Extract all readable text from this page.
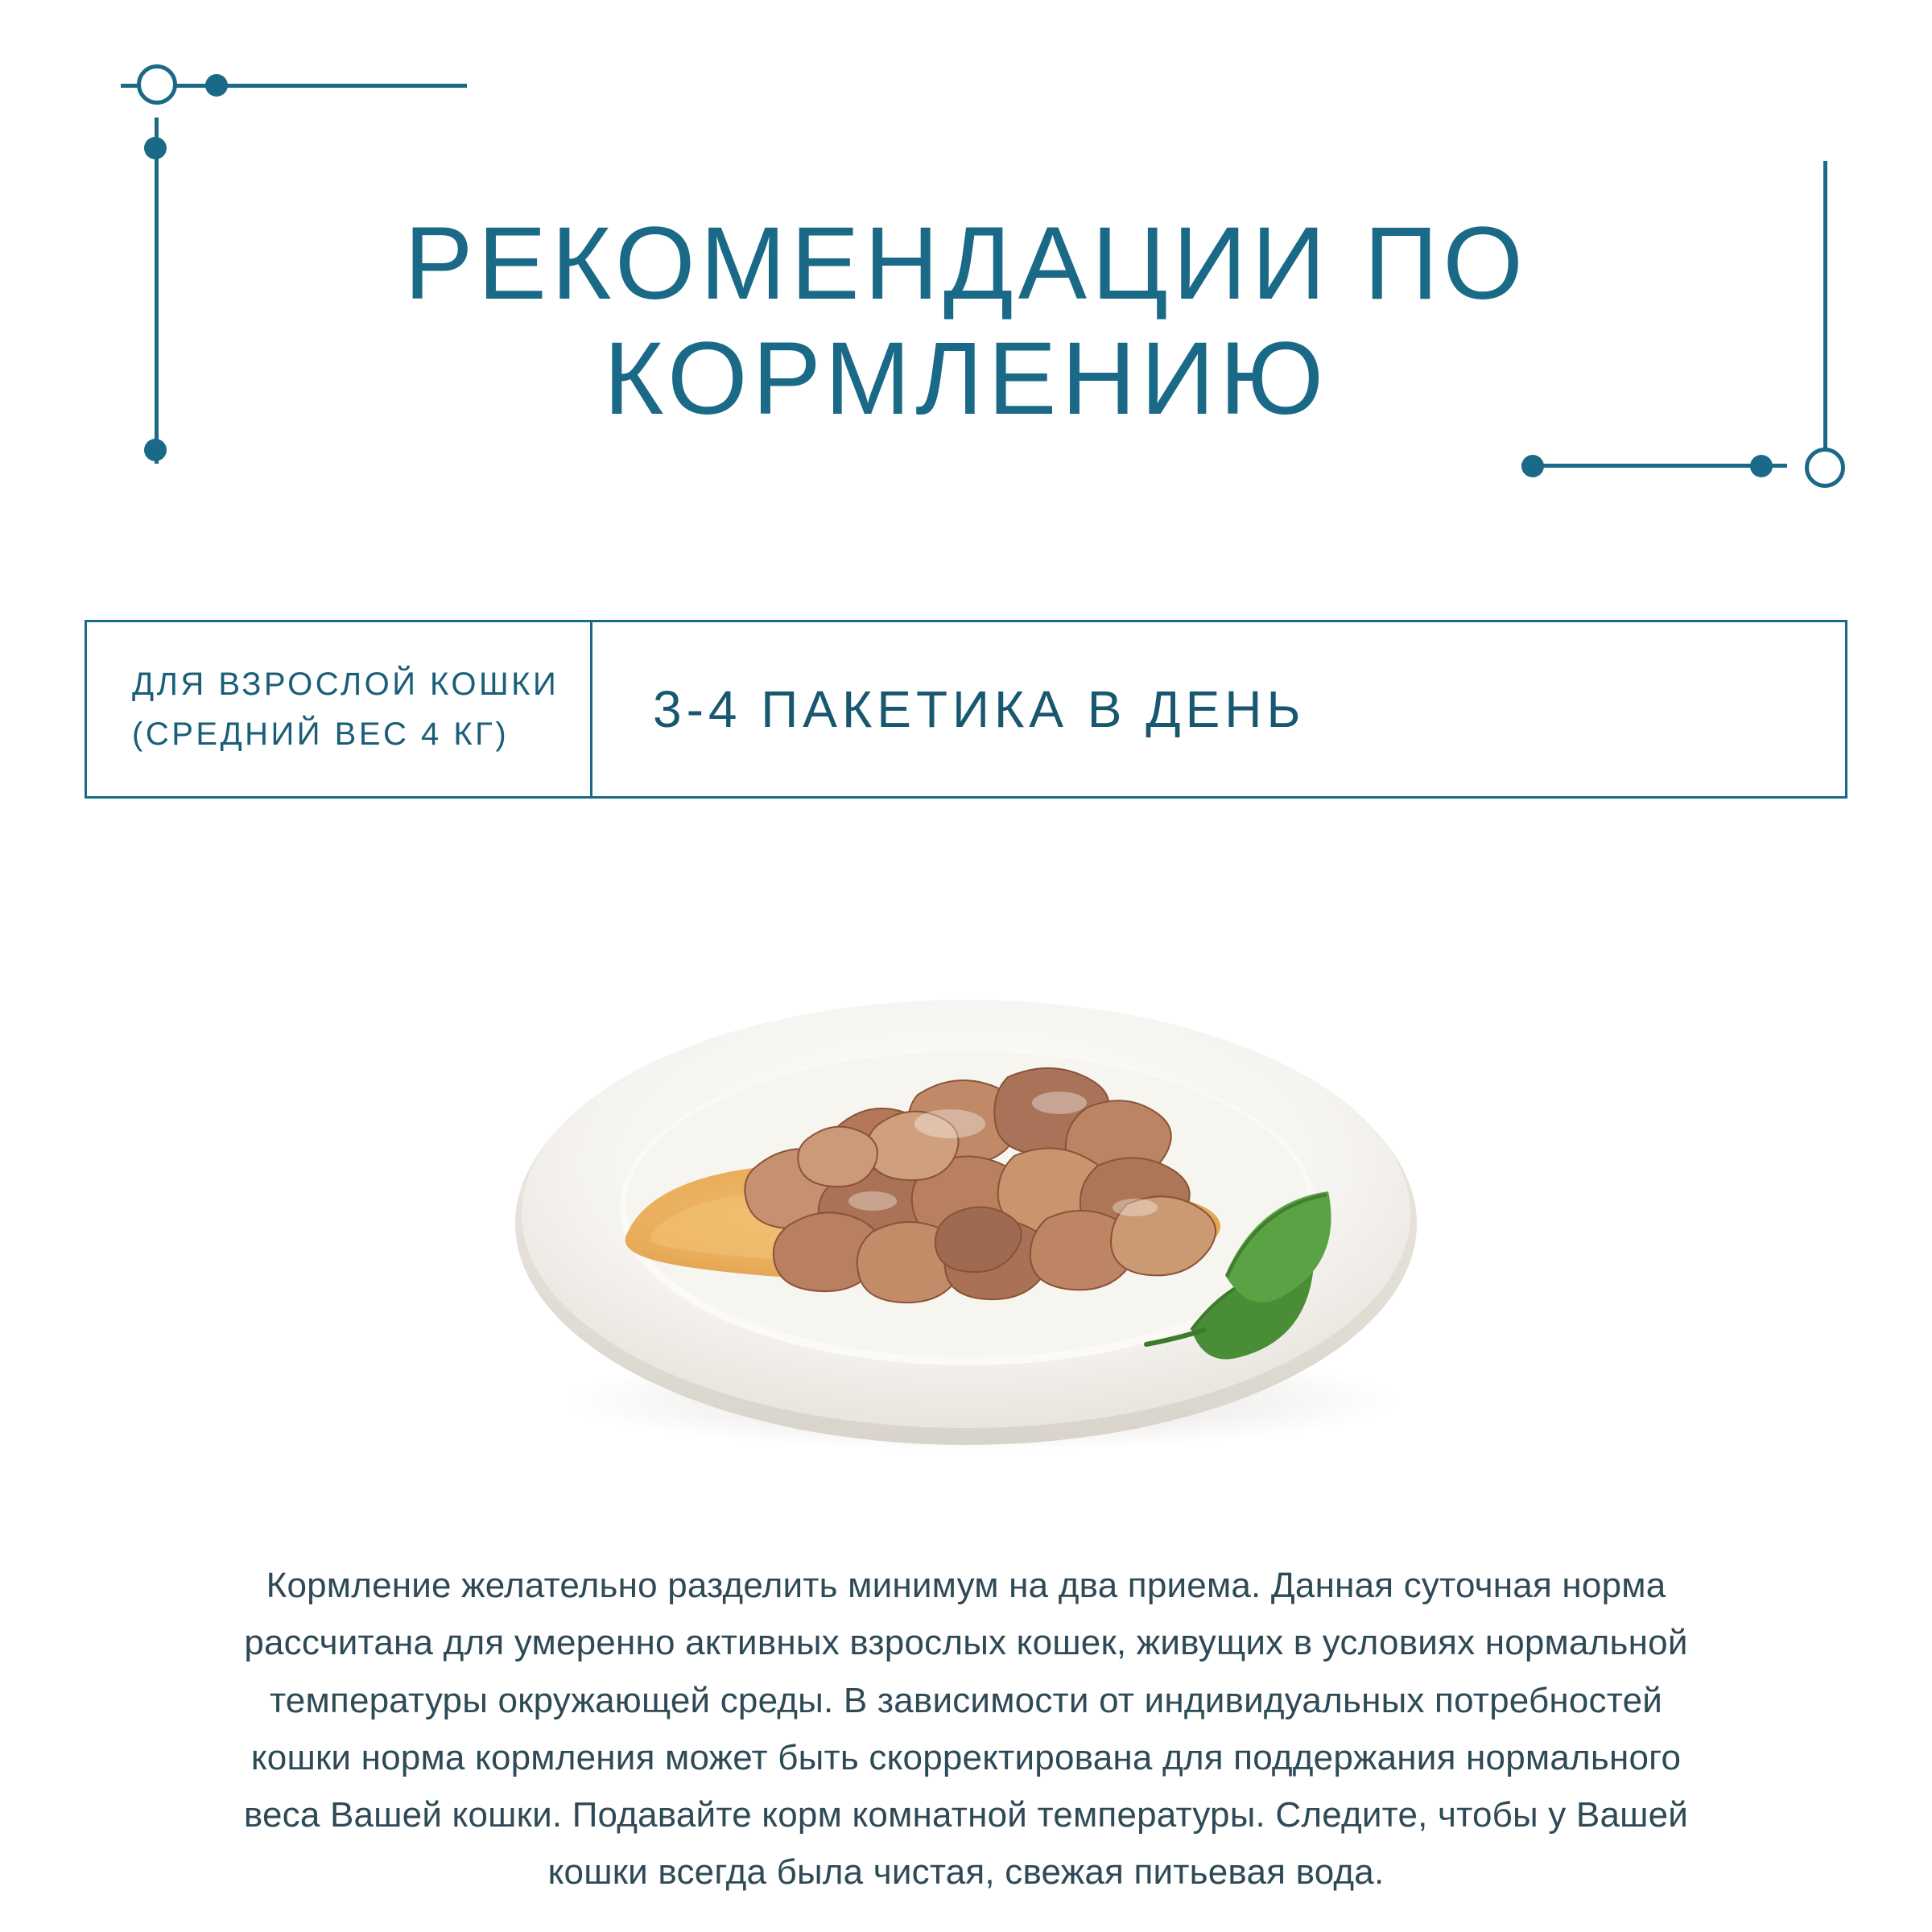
РЕКОМЕНДАЦИИ ПО КОРМЛЕНИЮ
ДЛЯ ВЗРОСЛОЙ КОШКИ
(СРЕДНИЙ ВЕС 4 КГ)	3-4 ПАКЕТИКА В ДЕНЬ

Кормление желательно разделить минимум на два приема. Данная суточная норма рассчитана для умеренно активных взрослых кошек, живущих в условиях нормальной температуры окружающей среды. В зависимости от индивидуальных потребностей кошки норма кормления может быть скорректирована для поддержания нормального веса Вашей кошки. Подавайте корм комнатной температуры. Следите, чтобы у Вашей кошки всегда была чистая, свежая питьевая вода.
